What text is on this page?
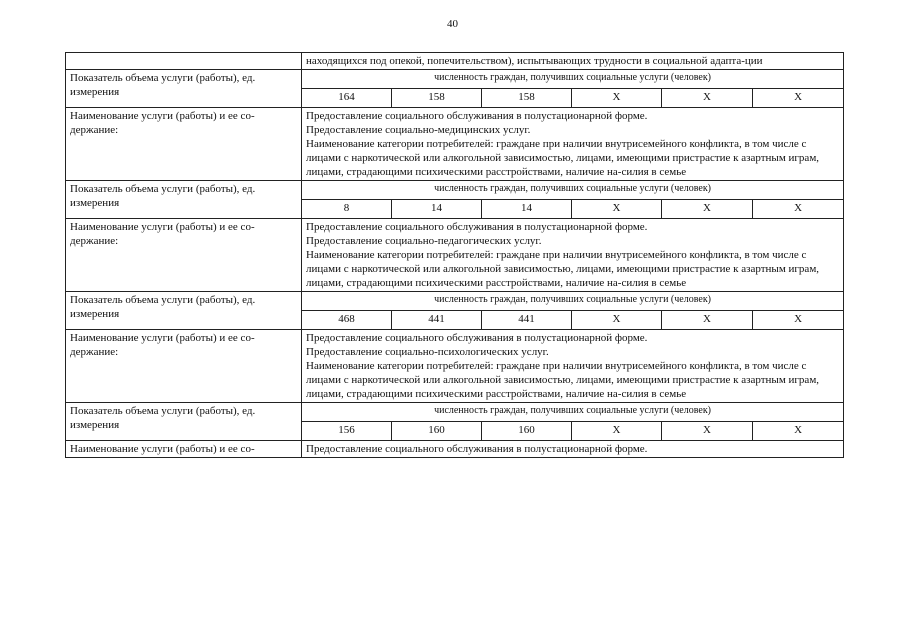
40

	находящихся под опекой, попечительством), испытывающих трудности в социальной адапта-ции					

Показатель объема услуги (работы), ед. измерения	численность граждан, получивших социальные услуги (человек)					
	164	158	158	X	X	X
Наименование услуги (работы) и ее со-держание:	Предоставление социального обслуживания в полустационарной форме.
Предоставление социально-медицинских услуг.
Наименование категории потребителей: граждане при наличии внутрисемейного конфликта, в том числе с лицами с наркотической или алкогольной зависимостью, лицами, имеющими пристрастие к азартным играм, лицами, страдающими психическими расстройствами, наличие на-силия в семье					

Показатель объема услуги (работы), ед. измерения	численность граждан, получивших социальные услуги (человек)					
	8	14	14	X	X	X
Наименование услуги (работы) и ее со-держание:	Предоставление социального обслуживания в полустационарной форме.
Предоставление социально-педагогических услуг.
Наименование категории потребителей: граждане при наличии внутрисемейного конфликта, в том числе с лицами с наркотической или алкогольной зависимостью, лицами, имеющими пристрастие к азартным играм, лицами, страдающими психическими расстройствами, наличие на-силия в семье					

Показатель объема услуги (работы), ед. измерения	численность граждан, получивших социальные услуги (человек)					
	468	441	441	X	X	X
Наименование услуги (работы) и ее со-держание:	Предоставление социального обслуживания в полустационарной форме.
Предоставление социально-психологических услуг.
Наименование категории потребителей: граждане при наличии внутрисемейного конфликта, в том числе с лицами с наркотической или алкогольной зависимостью, лицами, имеющими пристрастие к азартным играм, лицами, страдающими психическими расстройствами, наличие на-силия в семье					

Показатель объема услуги (работы), ед. измерения	численность граждан, получивших социальные услуги (человек)					
	156	160	160	X	X	X
Наименование услуги (работы) и ее со-	Предоставление социального обслуживания в полустационарной форме.					
